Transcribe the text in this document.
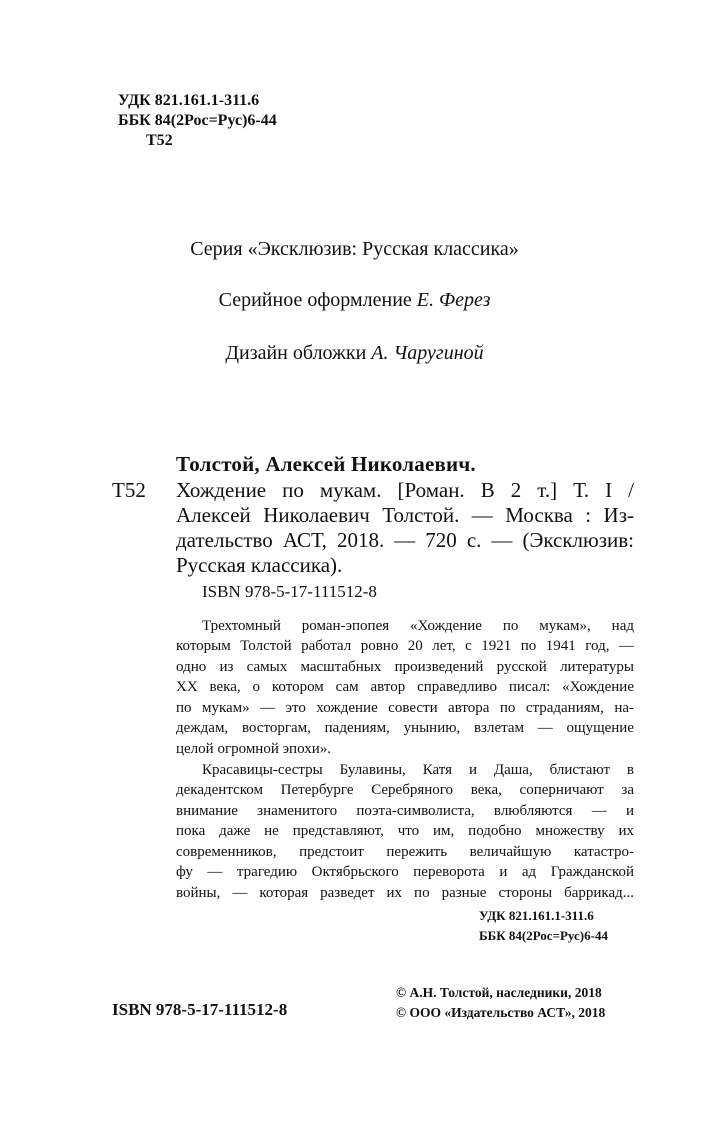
УДК 821.161.1-311.6
ББК 84(2Рос=Рус)6-44
Т52
Серия «Эксклюзив: Русская классика»
Серийное оформление Е. Ферез
Дизайн обложки А. Чаругиной
Толстой, Алексей Николаевич.
Т52 Хождение по мукам. [Роман. В 2 т.] Т. I /
Алексей Николаевич Толстой. — Москва : Из-
дательство АСТ, 2018. — 720 с. — (Эксклюзив:
Русская классика).
ISBN 978-5-17-111512-8
Трехтомный роман-эпопея «Хождение по мукам», над
которым Толстой работал ровно 20 лет, с 1921 по 1941 год, —
одно из самых масштабных произведений русской литературы
XX века, о котором сам автор справедливо писал: «Хождение
по мукам» — это хождение совести автора по страданиям, на-
деждам, восторгам, падениям, унынию, взлетам — ощущение
целой огромной эпохи».
Красавицы-сестры Булавины, Катя и Даша, блистают в
декадентском Петербурге Серебряного века, соперничают за
внимание знаменитого поэта-символиста, влюбляются — и
пока даже не представляют, что им, подобно множеству их
современников, предстоит пережить величайшую катастро-
фу — трагедию Октябрьского переворота и ад Гражданской
войны, — которая разведет их по разные стороны баррикад...
УДК 821.161.1-311.6
ББК 84(2Рос=Рус)6-44
ISBN 978-5-17-111512-8
© А.Н. Толстой, наследники, 2018
© ООО «Издательство АСТ», 2018
